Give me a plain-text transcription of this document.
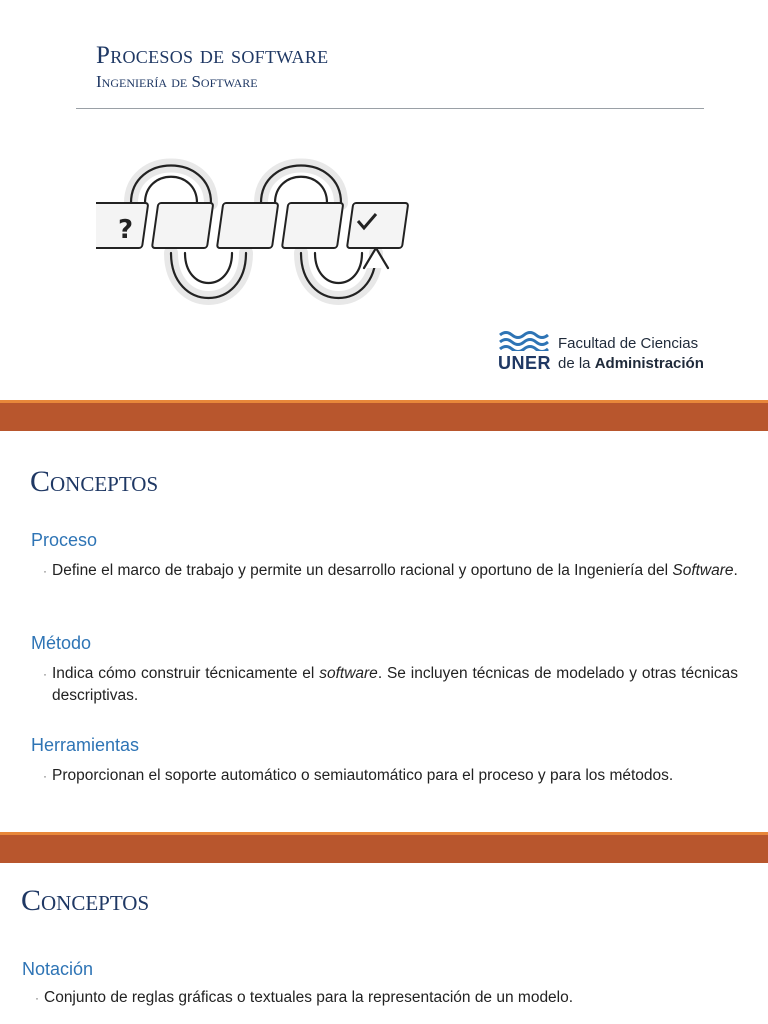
Procesos de software
Ingeniería de Software
?
UNER
Facultad de Ciencias
de la Administración
Conceptos
Proceso
· Define el marco de trabajo y permite un desarrollo racional y oportuno de la Ingeniería del Software.
Método
· Indica cómo construir técnicamente el software. Se incluyen técnicas de modelado y otras técnicas descriptivas.
Herramientas
· Proporcionan el soporte automático o semiautomático para el proceso y para los métodos.
Conceptos
Notación
· Conjunto de reglas gráficas o textuales para la representación de un modelo.
